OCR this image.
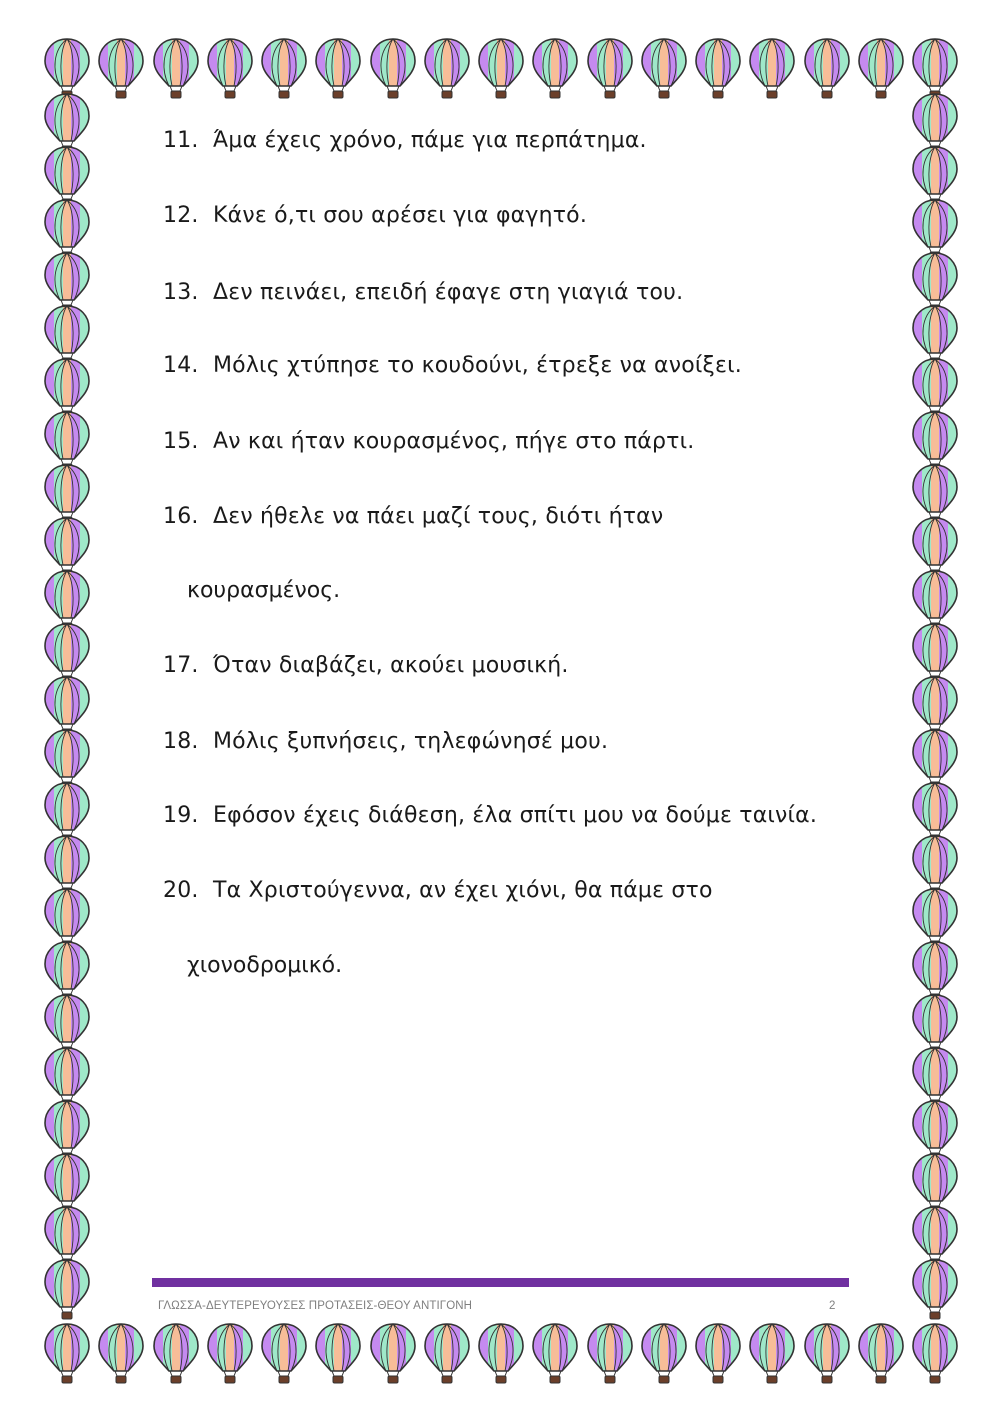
11. Άμα έχεις χρόνο, πάμε για περπάτημα.

12. Κάνε ό,τι σου αρέσει για φαγητό.

13. Δεν πεινάει, επειδή έφαγε στη γιαγιά του.

14. Μόλις χτύπησε το κουδούνι, έτρεξε να ανοίξει.

15. Αν και ήταν κουρασμένος, πήγε στο πάρτι.

16. Δεν ήθελε να πάει μαζί τους, διότι ήταν

κουρασμένος.

17. Όταν διαβάζει, ακούει μουσική.

18. Μόλις ξυπνήσεις, τηλεφώνησέ μου.

19. Εφόσον έχεις διάθεση, έλα σπίτι μου να δούμε ταινία.

20. Τα Χριστούγεννα, αν έχει χιόνι, θα πάμε στο

χιονοδρομικό.

ΓΛΩΣΣΑ-ΔΕΥΤΕΡΕΥΟΥΣΕΣ ΠΡΟΤΑΣΕΙΣ-ΘΕΟΥ ΑΝΤΙΓΟΝΗ	2
